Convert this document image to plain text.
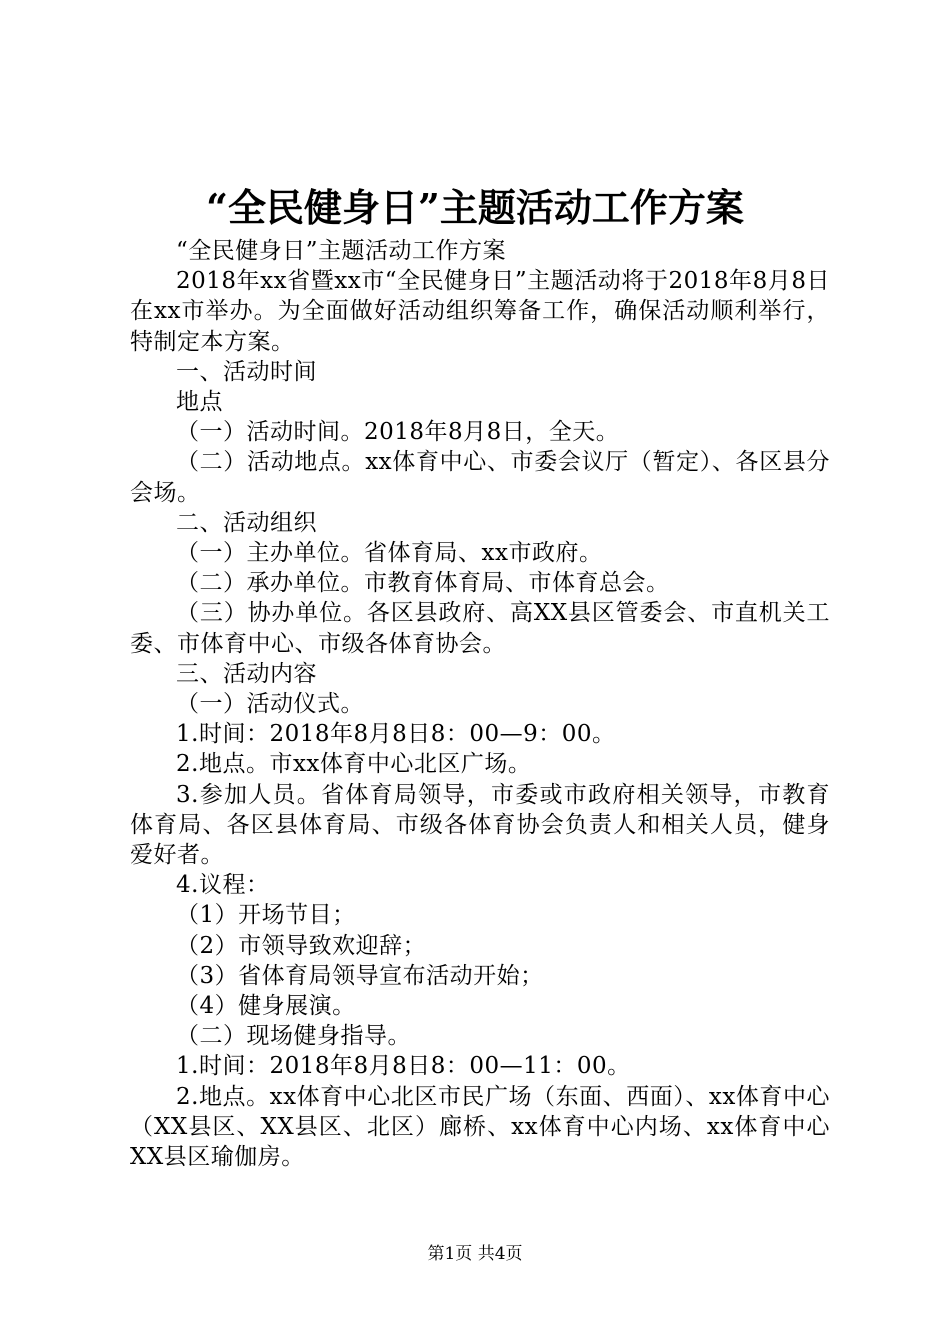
“全民健身日”主题活动工作方案

“全民健身日”主题活动工作方案

2018年xx省暨xx市“全民健身日”主题活动将于2018年8月8日在xx市举办。为全面做好活动组织筹备工作，确保活动顺利举行，特制定本方案。

一、活动时间

地点

（一）活动时间。2018年8月8日，全天。

（二）活动地点。xx体育中心、市委会议厅（暂定）、各区县分会场。

二、活动组织

（一）主办单位。省体育局、xx市政府。

（二）承办单位。市教育体育局、市体育总会。

（三）协办单位。各区县政府、高XX县区管委会、市直机关工委、市体育中心、市级各体育协会。

三、活动内容

（一）活动仪式。

1.时间：2018年8月8日8：00—9：00。

2.地点。市xx体育中心北区广场。

3.参加人员。省体育局领导，市委或市政府相关领导，市教育体育局、各区县体育局、市级各体育协会负责人和相关人员，健身爱好者。

4.议程：

（1）开场节目；

（2）市领导致欢迎辞；

（3）省体育局领导宣布活动开始；

（4）健身展演。

（二）现场健身指导。

1.时间：2018年8月8日8：00—11：00。

2.地点。xx体育中心北区市民广场（东面、西面）、xx体育中心（XX县区、XX县区、北区）廊桥、xx体育中心内场、xx体育中心XX县区瑜伽房。

第1页 共4页
